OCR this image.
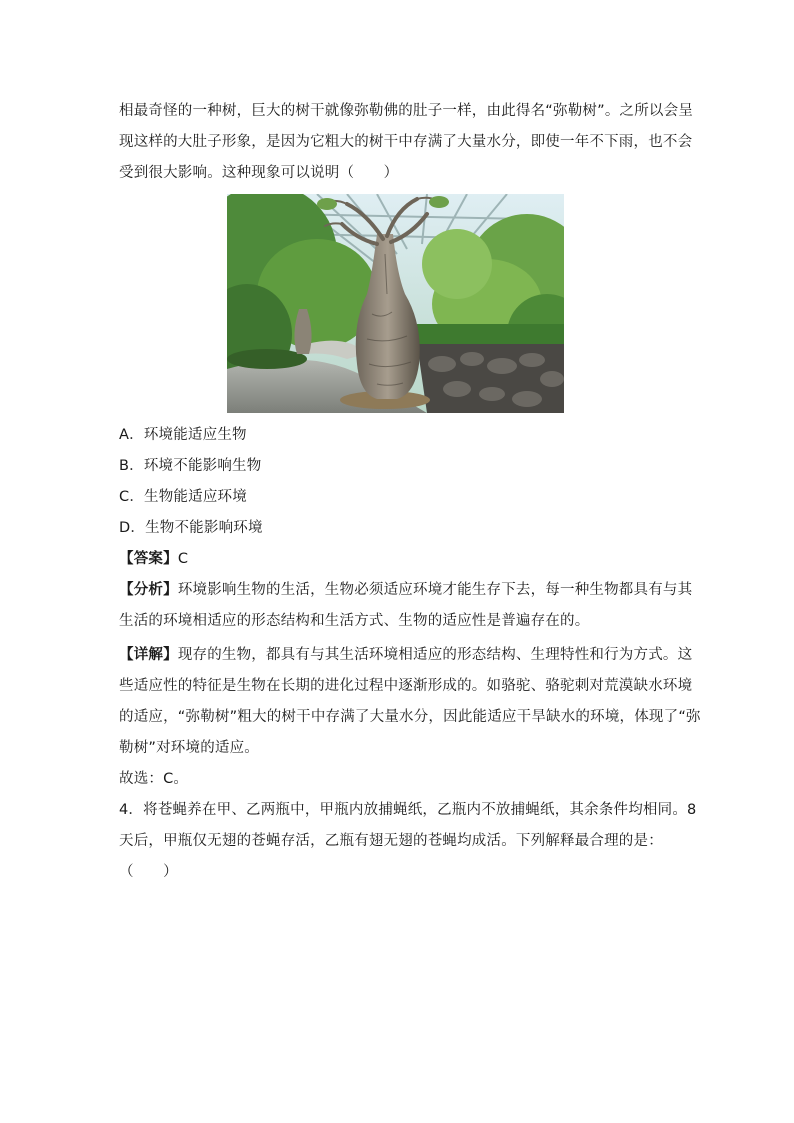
相最奇怪的一种树，巨大的树干就像弥勒佛的肚子一样，由此得名“弥勒树”。之所以会呈
现这样的大肚子形象，是因为它粗大的树干中存满了大量水分，即使一年不下雨，也不会
受到很大影响。这种现象可以说明（　　）
A．环境能适应生物
B．环境不能影响生物
C．生物能适应环境
D．生物不能影响环境
【答案】C
【分析】环境影响生物的生活，生物必须适应环境才能生存下去，每一种生物都具有与其
生活的环境相适应的形态结构和生活方式、生物的适应性是普遍存在的。
【详解】现存的生物，都具有与其生活环境相适应的形态结构、生理特性和行为方式。这
些适应性的特征是生物在长期的进化过程中逐渐形成的。如骆驼、骆驼刺对荒漠缺水环境
的适应，“弥勒树”粗大的树干中存满了大量水分，因此能适应干旱缺水的环境，体现了“弥
勒树”对环境的适应。
故选：C。
4．将苍蝇养在甲、乙两瓶中，甲瓶内放捕蝇纸，乙瓶内不放捕蝇纸，其余条件均相同。8
天后，甲瓶仅无翅的苍蝇存活，乙瓶有翅无翅的苍蝇均成活。下列解释最合理的是：
（　　）
